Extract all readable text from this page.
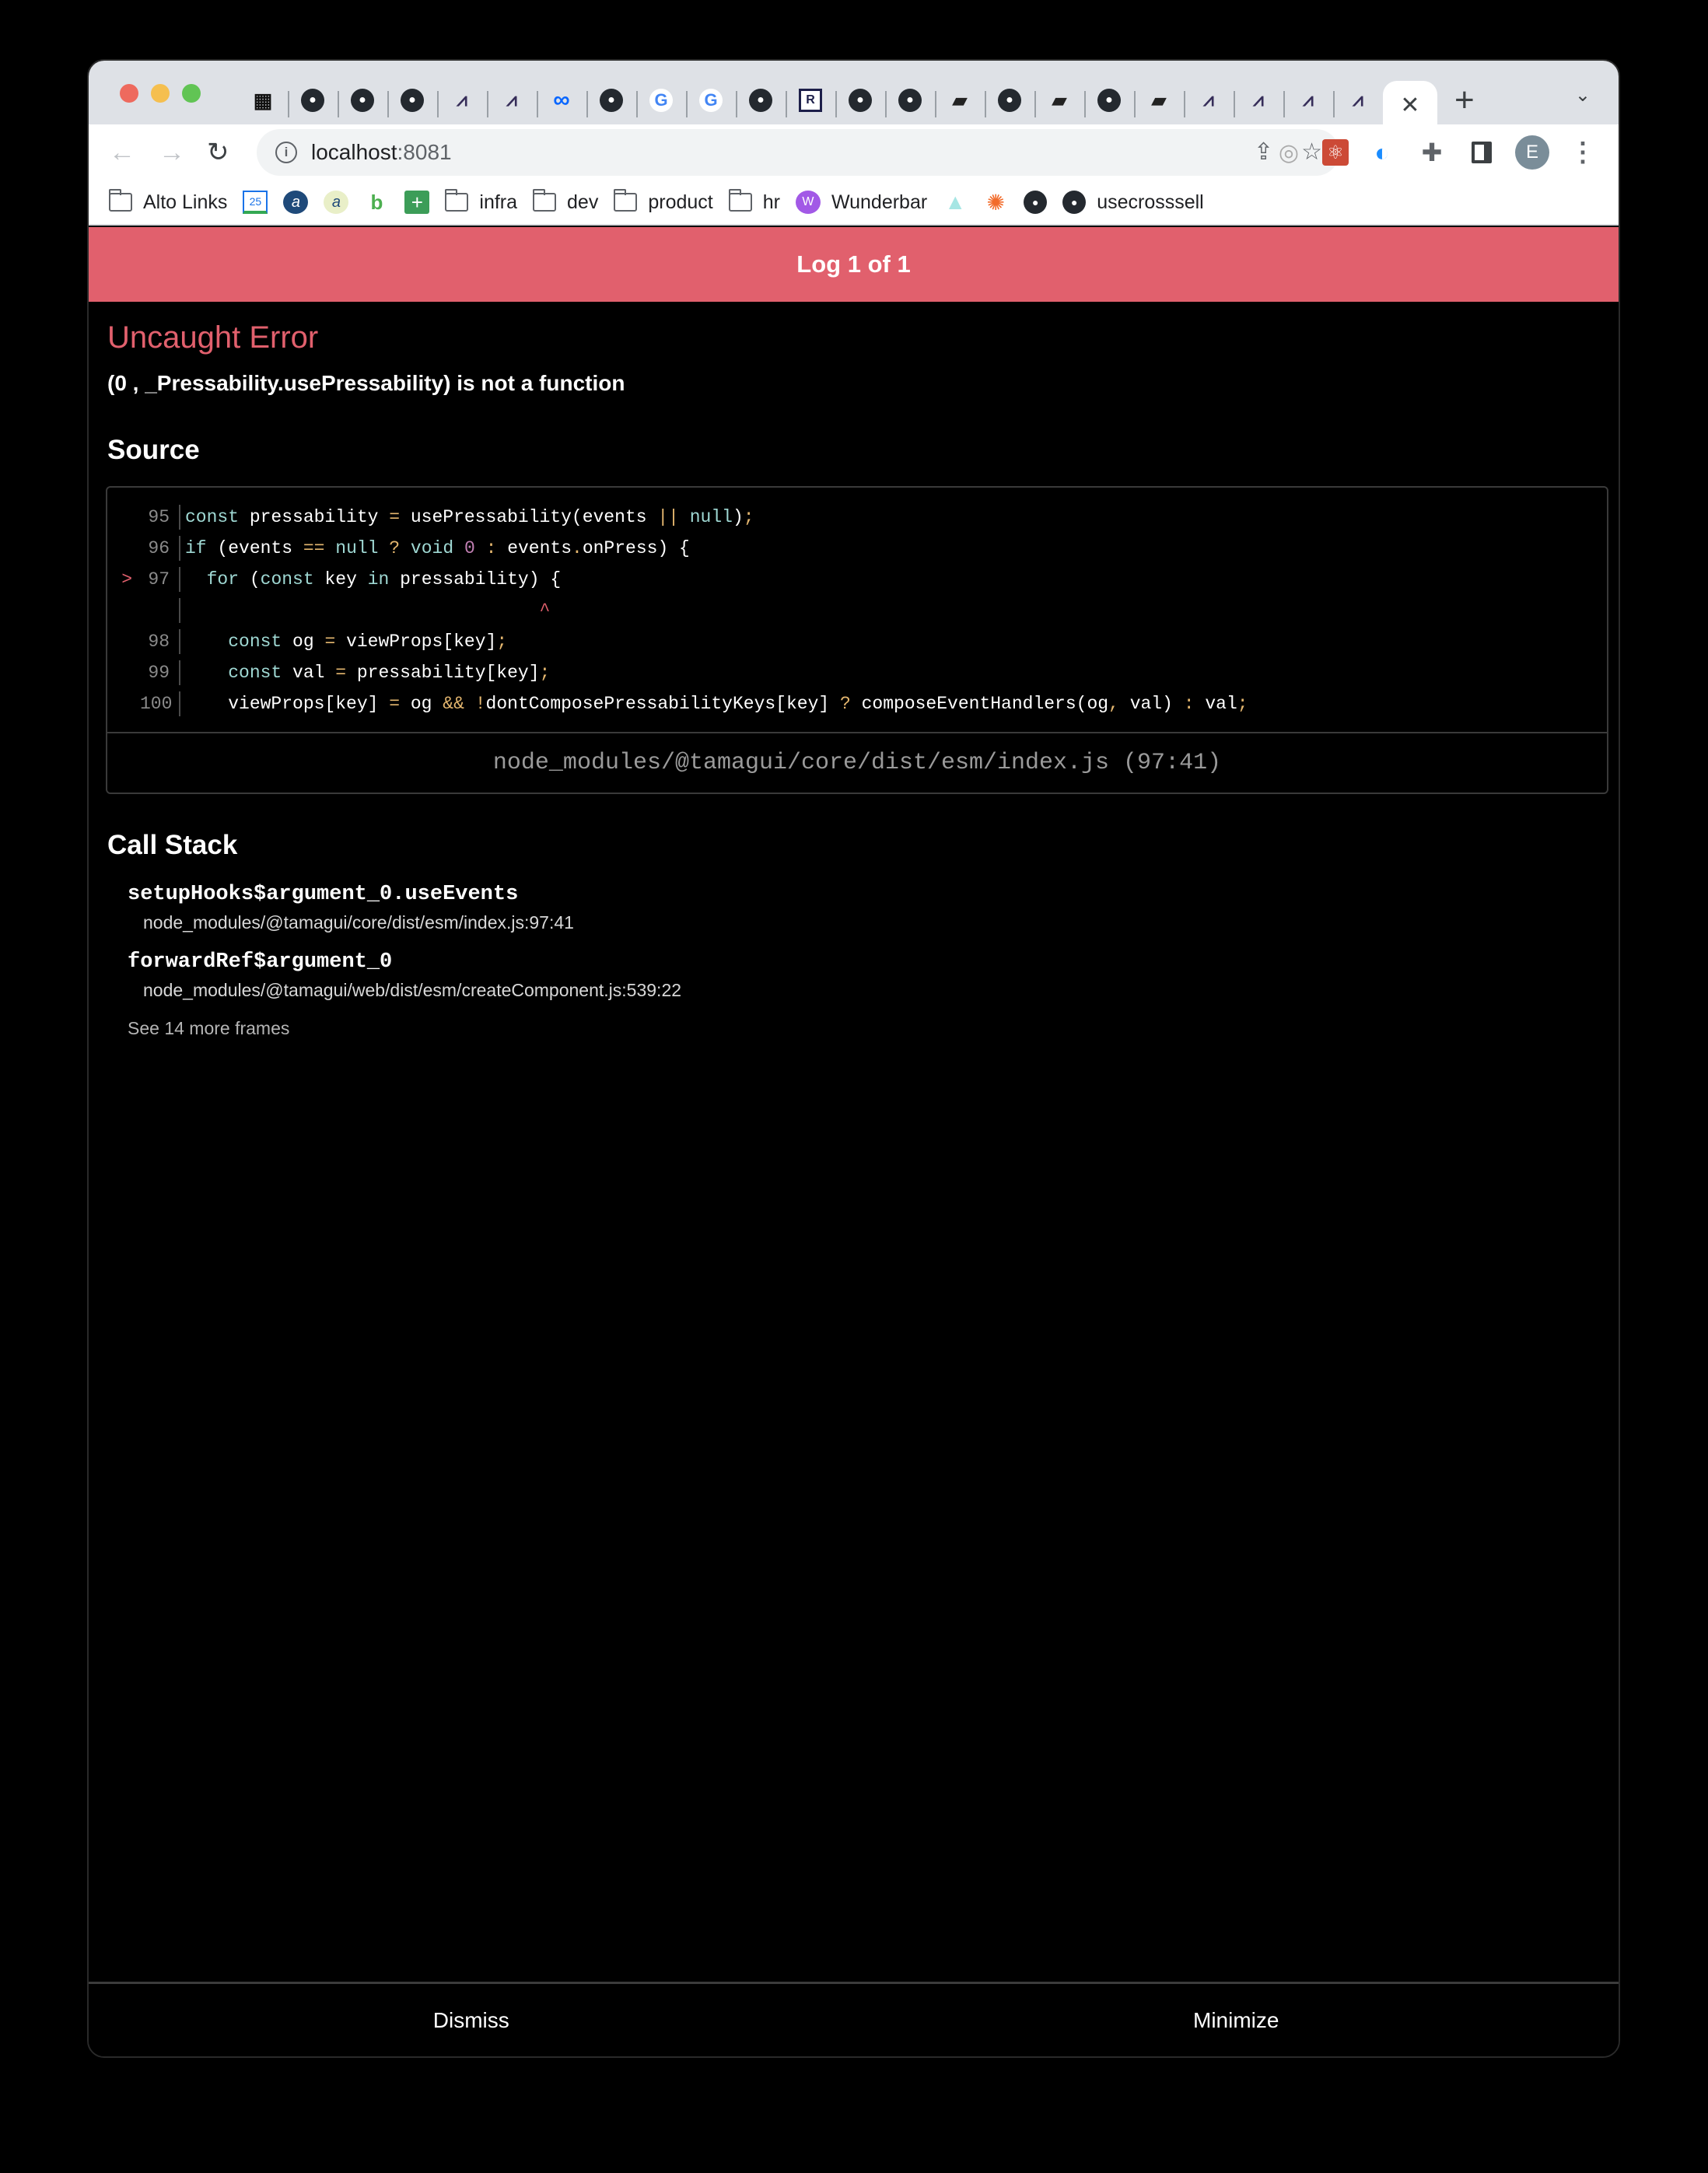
▦	●	●	●	⩘	⩘ ∞	●	G G	●	R	●	●	▰	●	▰	●	▰	⩘	⩘	⩘	⩘ ✕ +	⌄
← → ↻	i	localhost:8081	⇪ ☆
◎	⚛	◐	✚	E	⋮
Alto Links	25	a	a	b	+	infra	dev	product	hr	W Wunderbar ▲ ✺	●	● usecrosssell
Log 1 of 1
Uncaught Error
(0 , _Pressability.usePressability) is not a function
Source
95 const pressability = usePressability(events || null);
96 if (events == null ? void 0 : events.onPress) {
> 97	for (const key in pressability) {
^
98	const og = viewProps[key];
99	const val = pressability[key];
100 viewProps[key] = og && !dontComposePressabilityKeys[key] ? composeEventHandlers(og, val) : val;
node_modules/@tamagui/core/dist/esm/index.js (97:41)
Call Stack
setupHooks$argument_0.useEvents
node_modules/@tamagui/core/dist/esm/index.js:97:41
forwardRef$argument_0
node_modules/@tamagui/web/dist/esm/createComponent.js:539:22
See 14 more frames
Dismiss	Minimize
